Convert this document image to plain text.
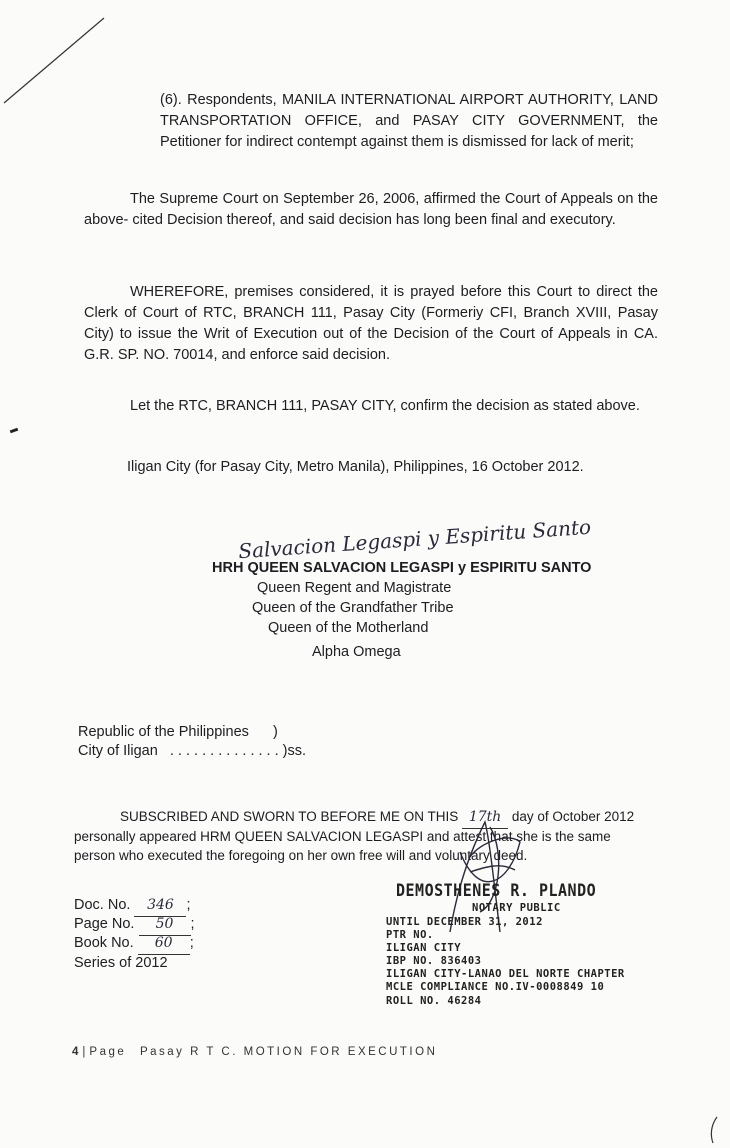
(6). Respondents, MANILA INTERNATIONAL AIRPORT AUTHORITY, LAND TRANSPORTATION OFFICE, and PASAY CITY GOVERNMENT, the Petitioner for indirect contempt against them is dismissed for lack of merit;
The Supreme Court on September 26, 2006, affirmed the Court of Appeals on the above- cited Decision thereof, and said decision has long been final and executory.
WHEREFORE, premises considered, it is prayed before this Court to direct the Clerk of Court of RTC, BRANCH 111, Pasay City (Formeriy CFI, Branch XVIII, Pasay City) to issue the Writ of Execution out of the Decision of the Court of Appeals in CA. G.R. SP. NO. 70014, and enforce said decision.
Let the RTC, BRANCH 111, PASAY CITY, confirm the decision as stated above.
Iligan City (for Pasay City, Metro Manila), Philippines, 16 October 2012.
Salvacion Legaspi y Espiritu Santo
HRH QUEEN SALVACION LEGASPI y ESPIRITU SANTO
Queen Regent and Magistrate
Queen of the Grandfather Tribe
Queen of the Motherland
Alpha Omega
Republic of the Philippines      )
City of Iligan   . . . . . . . . . . . . . . )ss.
SUBSCRIBED AND SWORN TO BEFORE ME ON THIS 17th day of October 2012
personally appeared HRM QUEEN SALVACION LEGASPI and attest that she is the same
person who executed the foregoing on her own free will and voluntary deed.
Doc. No. 346 ;
Page No. 50 ;
Book No. 60 ;
Series of 2012
DEMOSTHENES R. PLANDO
NOTARY PUBLIC
UNTIL DECEMBER 31, 2012
PTR NO.
ILIGAN CITY
IBP NO. 836403
ILIGAN CITY-LANAO DEL NORTE CHAPTER
MCLE COMPLIANCE NO.IV-0008849 10
ROLL NO. 46284
4 | Page Pasay R T C. MOTION FOR EXECUTION
